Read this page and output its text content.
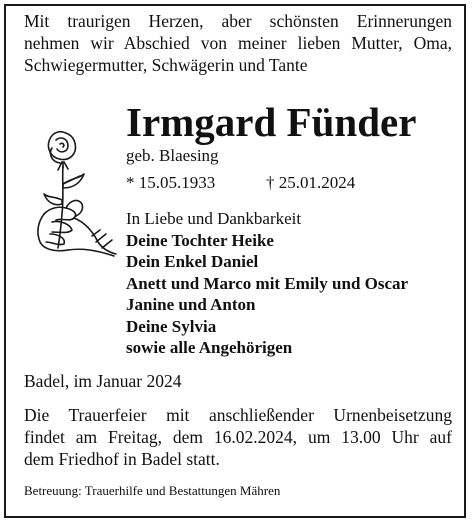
Mit traurigen Herzen, aber schönsten Erinnerungen
nehmen wir Abschied von meiner lieben Mutter, Oma,
Schwiegermutter, Schwägerin und Tante
Irmgard Fünder
geb. Blaesing
* 15.05.1933	† 25.01.2024
In Liebe und Dankbarkeit
Deine Tochter Heike
Dein Enkel Daniel
Anett und Marco mit Emily und Oscar
Janine und Anton
Deine Sylvia
sowie alle Angehörigen
Badel, im Januar 2024
Die Trauerfeier mit anschließender Urnenbeisetzung
findet am Freitag, dem 16.02.2024, um 13.00 Uhr auf
dem Friedhof in Badel statt.
Betreuung: Trauerhilfe und Bestattungen Mähren
